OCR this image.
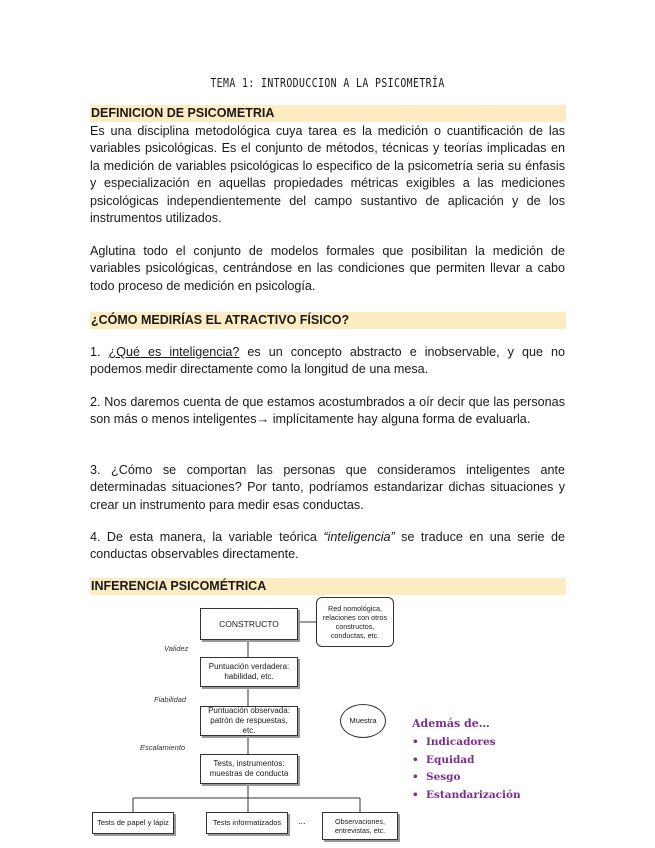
TEMA 1: INTRODUCCION A LA PSICOMETRÍA
DEFINICION DE PSICOMETRIA

Es una disciplina metodológica cuya tarea es la medición o cuantificación de las variables psicológicas. Es el conjunto de métodos, técnicas y teorías implicadas en la medición de variables psicológicas lo especifico de la psicometría seria su énfasis y especialización en aquellas propiedades métricas exigibles a las mediciones psicológicas independientemente del campo sustantivo de aplicación y de los instrumentos utilizados.

Aglutina todo el conjunto de modelos formales que posibilitan la medición de variables psicológicas, centrándose en las condiciones que permiten llevar a cabo todo proceso de medición en psicología.

¿CÓMO MEDIRÍAS EL ATRACTIVO FÍSICO?

1. ¿Qué es inteligencia? es un concepto abstracto e inobservable, y que no podemos medir directamente como la longitud de una mesa.

2. Nos daremos cuenta de que estamos acostumbrados a oír decir que las personas son más o menos inteligentes→ implícitamente hay alguna forma de evaluarla.

3. ¿Cómo se comportan las personas que consideramos inteligentes ante determinadas situaciones? Por tanto, podríamos estandarizar dichas situaciones y crear un instrumento para medir esas conductas.

4. De esta manera, la variable teórica “inteligencia” se traduce en una serie de conductas observables directamente.

INFERENCIA PSICOMÉTRICA
CONSTRUCTO
Red nomológica, relaciones con otros constructos, conductas, etc.
Puntuación verdadera: habilidad, etc.
Puntuación observada: patrón de respuestas, etc.
Tests, instrumentos: muestras de conducta
Muestra
Validez
Fiabilidad
Escalamiento
Tests de papel y lápiz	Tests informatizados	...	Observaciones, entrevistas, etc.
Además de…
• Indicadores
• Equidad
• Sesgo
• Estandarización
